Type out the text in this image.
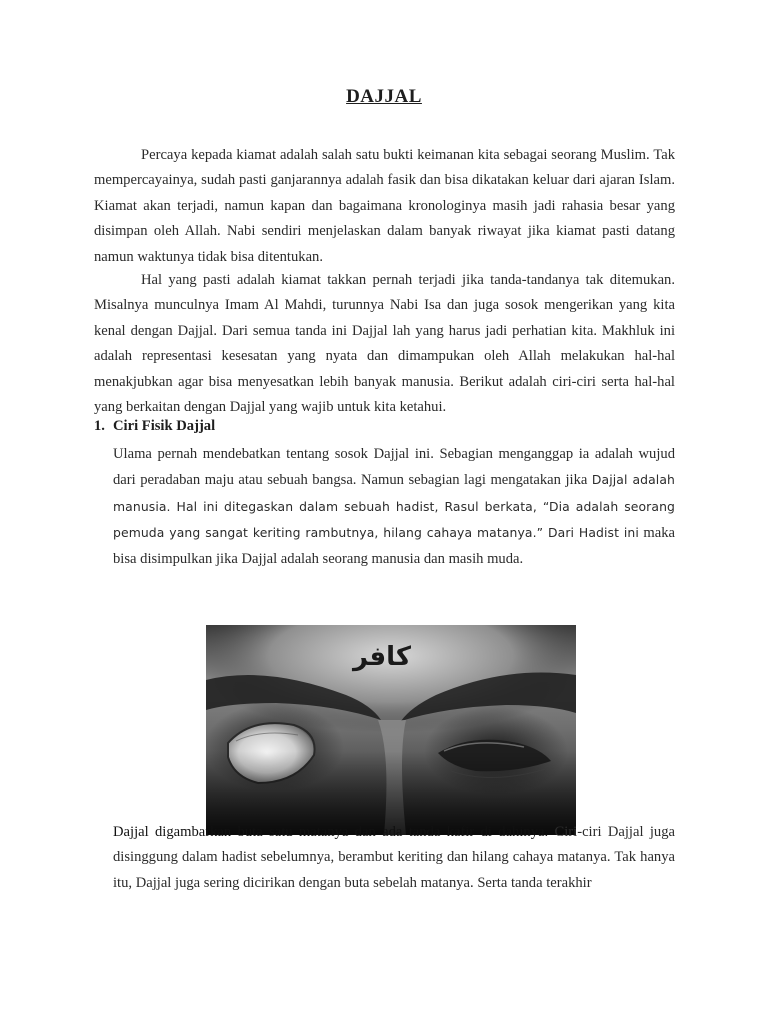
DAJJAL

Percaya kepada kiamat adalah salah satu bukti keimanan kita sebagai seorang Muslim. Tak mempercayainya, sudah pasti ganjarannya adalah fasik dan bisa dikatakan keluar dari ajaran Islam. Kiamat akan terjadi, namun kapan dan bagaimana kronologinya masih jadi rahasia besar yang disimpan oleh Allah. Nabi sendiri menjelaskan dalam banyak riwayat jika kiamat pasti datang namun waktunya tidak bisa ditentukan.

Hal yang pasti adalah kiamat takkan pernah terjadi jika tanda-tandanya tak ditemukan. Misalnya munculnya Imam Al Mahdi, turunnya Nabi Isa dan juga sosok mengerikan yang kita kenal dengan Dajjal. Dari semua tanda ini Dajjal lah yang harus jadi perhatian kita. Makhluk ini adalah representasi kesesatan yang nyata dan dimampukan oleh Allah melakukan hal-hal menakjubkan agar bisa menyesatkan lebih banyak manusia. Berikut adalah ciri-ciri serta hal-hal yang berkaitan dengan Dajjal yang wajib untuk kita ketahui.

1. Ciri Fisik Dajjal

Ulama pernah mendebatkan tentang sosok Dajjal ini. Sebagian menganggap ia adalah wujud dari peradaban maju atau sebuah bangsa. Namun sebagian lagi mengatakan jika Dajjal adalah manusia. Hal ini ditegaskan dalam sebuah hadist, Rasul berkata, “Dia adalah seorang pemuda yang sangat keriting rambutnya, hilang cahaya matanya.” Dari Hadist ini maka bisa disimpulkan jika Dajjal adalah seorang manusia dan masih muda.

Dajjal digambarkan buta satu matanya dan ada tanda kafir di dahinya. Ciri-ciri Dajjal juga disinggung dalam hadist sebelumnya, berambut keriting dan hilang cahaya matanya. Tak hanya itu, Dajjal juga sering dicirikan dengan buta sebelah matanya. Serta tanda terakhir
